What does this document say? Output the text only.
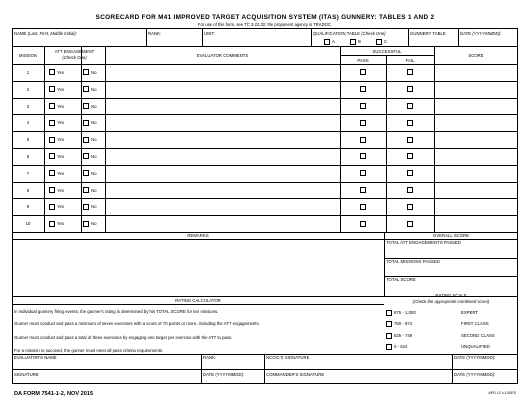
SCORECARD FOR M41 IMPROVED TARGET ACQUISITION SYSTEM (ITAS) GUNNERY: TABLES 1 AND 2
For use of this form, see TC 3-22.32; the proponent agency is TRADOC.
NAME (Last, First, Middle Initial):	RANK:	UNIT:	QUALIFICATION TABLE (Check One)
A	B	C
GUNNERY TABLE	DATE (YYYYMMDD):
MISSION
ATT ENGAGEMENT
(Check One)	EVALUATOR COMMENTS
SUCCESSFUL
PASS	FAIL
SCORE
1	Yes	No
2	Yes	No
3	Yes	No
4	Yes	No
5	Yes	No
6	Yes	No
7	Yes	No
8	Yes	No
9	Yes	No
10	Yes	No
REMARKS	OVERALL SCORE
TOTAL ATT ENGAGEMENTS PASSED
TOTAL MISSIONS PASSED
TOTAL SCORE
RATING CALCULATOR
In individual gunnery firing events, the gunner's rating is determined by his TOTAL SCORE for ten missions.
Gunner must conduct and pass a minimum of seven exercises with a score of 70 points or more, including the ATT engagements.
Gunner must conduct and pass a total of three exercises by engaging one target per exercise with the ATT to pass.
For a mission to succeed, the gunner must meet all pass criteria requirements.
RATING SCALE
(Check the appropriate combined score)
875 - 1,000	EXPERT
750 - 874	FIRST CLASS
625 - 749	SECOND CLASS
0 - 624	UNQUALIFIED
EVALUATOR'S NAME	RANK:	NCOIC'S SIGNATURE	DATE (YYYYMMDD):
SIGNATURE	DATE (YYYYMMDD):	COMMANDER'S SIGNATURE	DATE (YYYYMMDD):
DA FORM 7541-1-2, NOV 2015	APD LC v1.00ES
